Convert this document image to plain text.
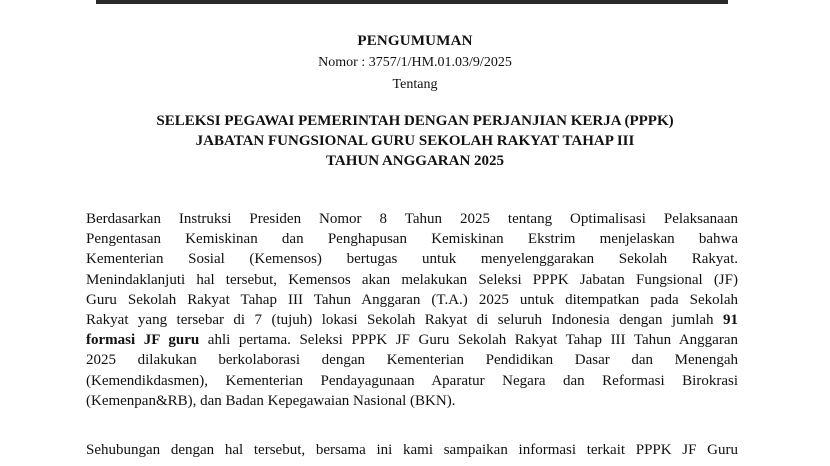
PENGUMUMAN
Nomor : 3757/1/HM.01.03/9/2025
Tentang
SELEKSI PEGAWAI PEMERINTAH DENGAN PERJANJIAN KERJA (PPPK)
JABATAN FUNGSIONAL GURU SEKOLAH RAKYAT TAHAP III
TAHUN ANGGARAN 2025
Berdasarkan Instruksi Presiden Nomor 8 Tahun 2025 tentang Optimalisasi Pelaksanaan
Pengentasan Kemiskinan dan Penghapusan Kemiskinan Ekstrim menjelaskan bahwa
Kementerian Sosial (Kemensos) bertugas untuk menyelenggarakan Sekolah Rakyat.
Menindaklanjuti hal tersebut, Kemensos akan melakukan Seleksi PPPK Jabatan Fungsional (JF)
Guru Sekolah Rakyat Tahap III Tahun Anggaran (T.A.) 2025 untuk ditempatkan pada Sekolah
Rakyat yang tersebar di 7 (tujuh) lokasi Sekolah Rakyat di seluruh Indonesia dengan jumlah 91
formasi JF guru ahli pertama. Seleksi PPPK JF Guru Sekolah Rakyat Tahap III Tahun Anggaran
2025 dilakukan berkolaborasi dengan Kementerian Pendidikan Dasar dan Menengah
(Kemendikdasmen), Kementerian Pendayagunaan Aparatur Negara dan Reformasi Birokrasi
(Kemenpan&RB), dan Badan Kepegawaian Nasional (BKN).
Sehubungan dengan hal tersebut, bersama ini kami sampaikan informasi terkait PPPK JF Guru
